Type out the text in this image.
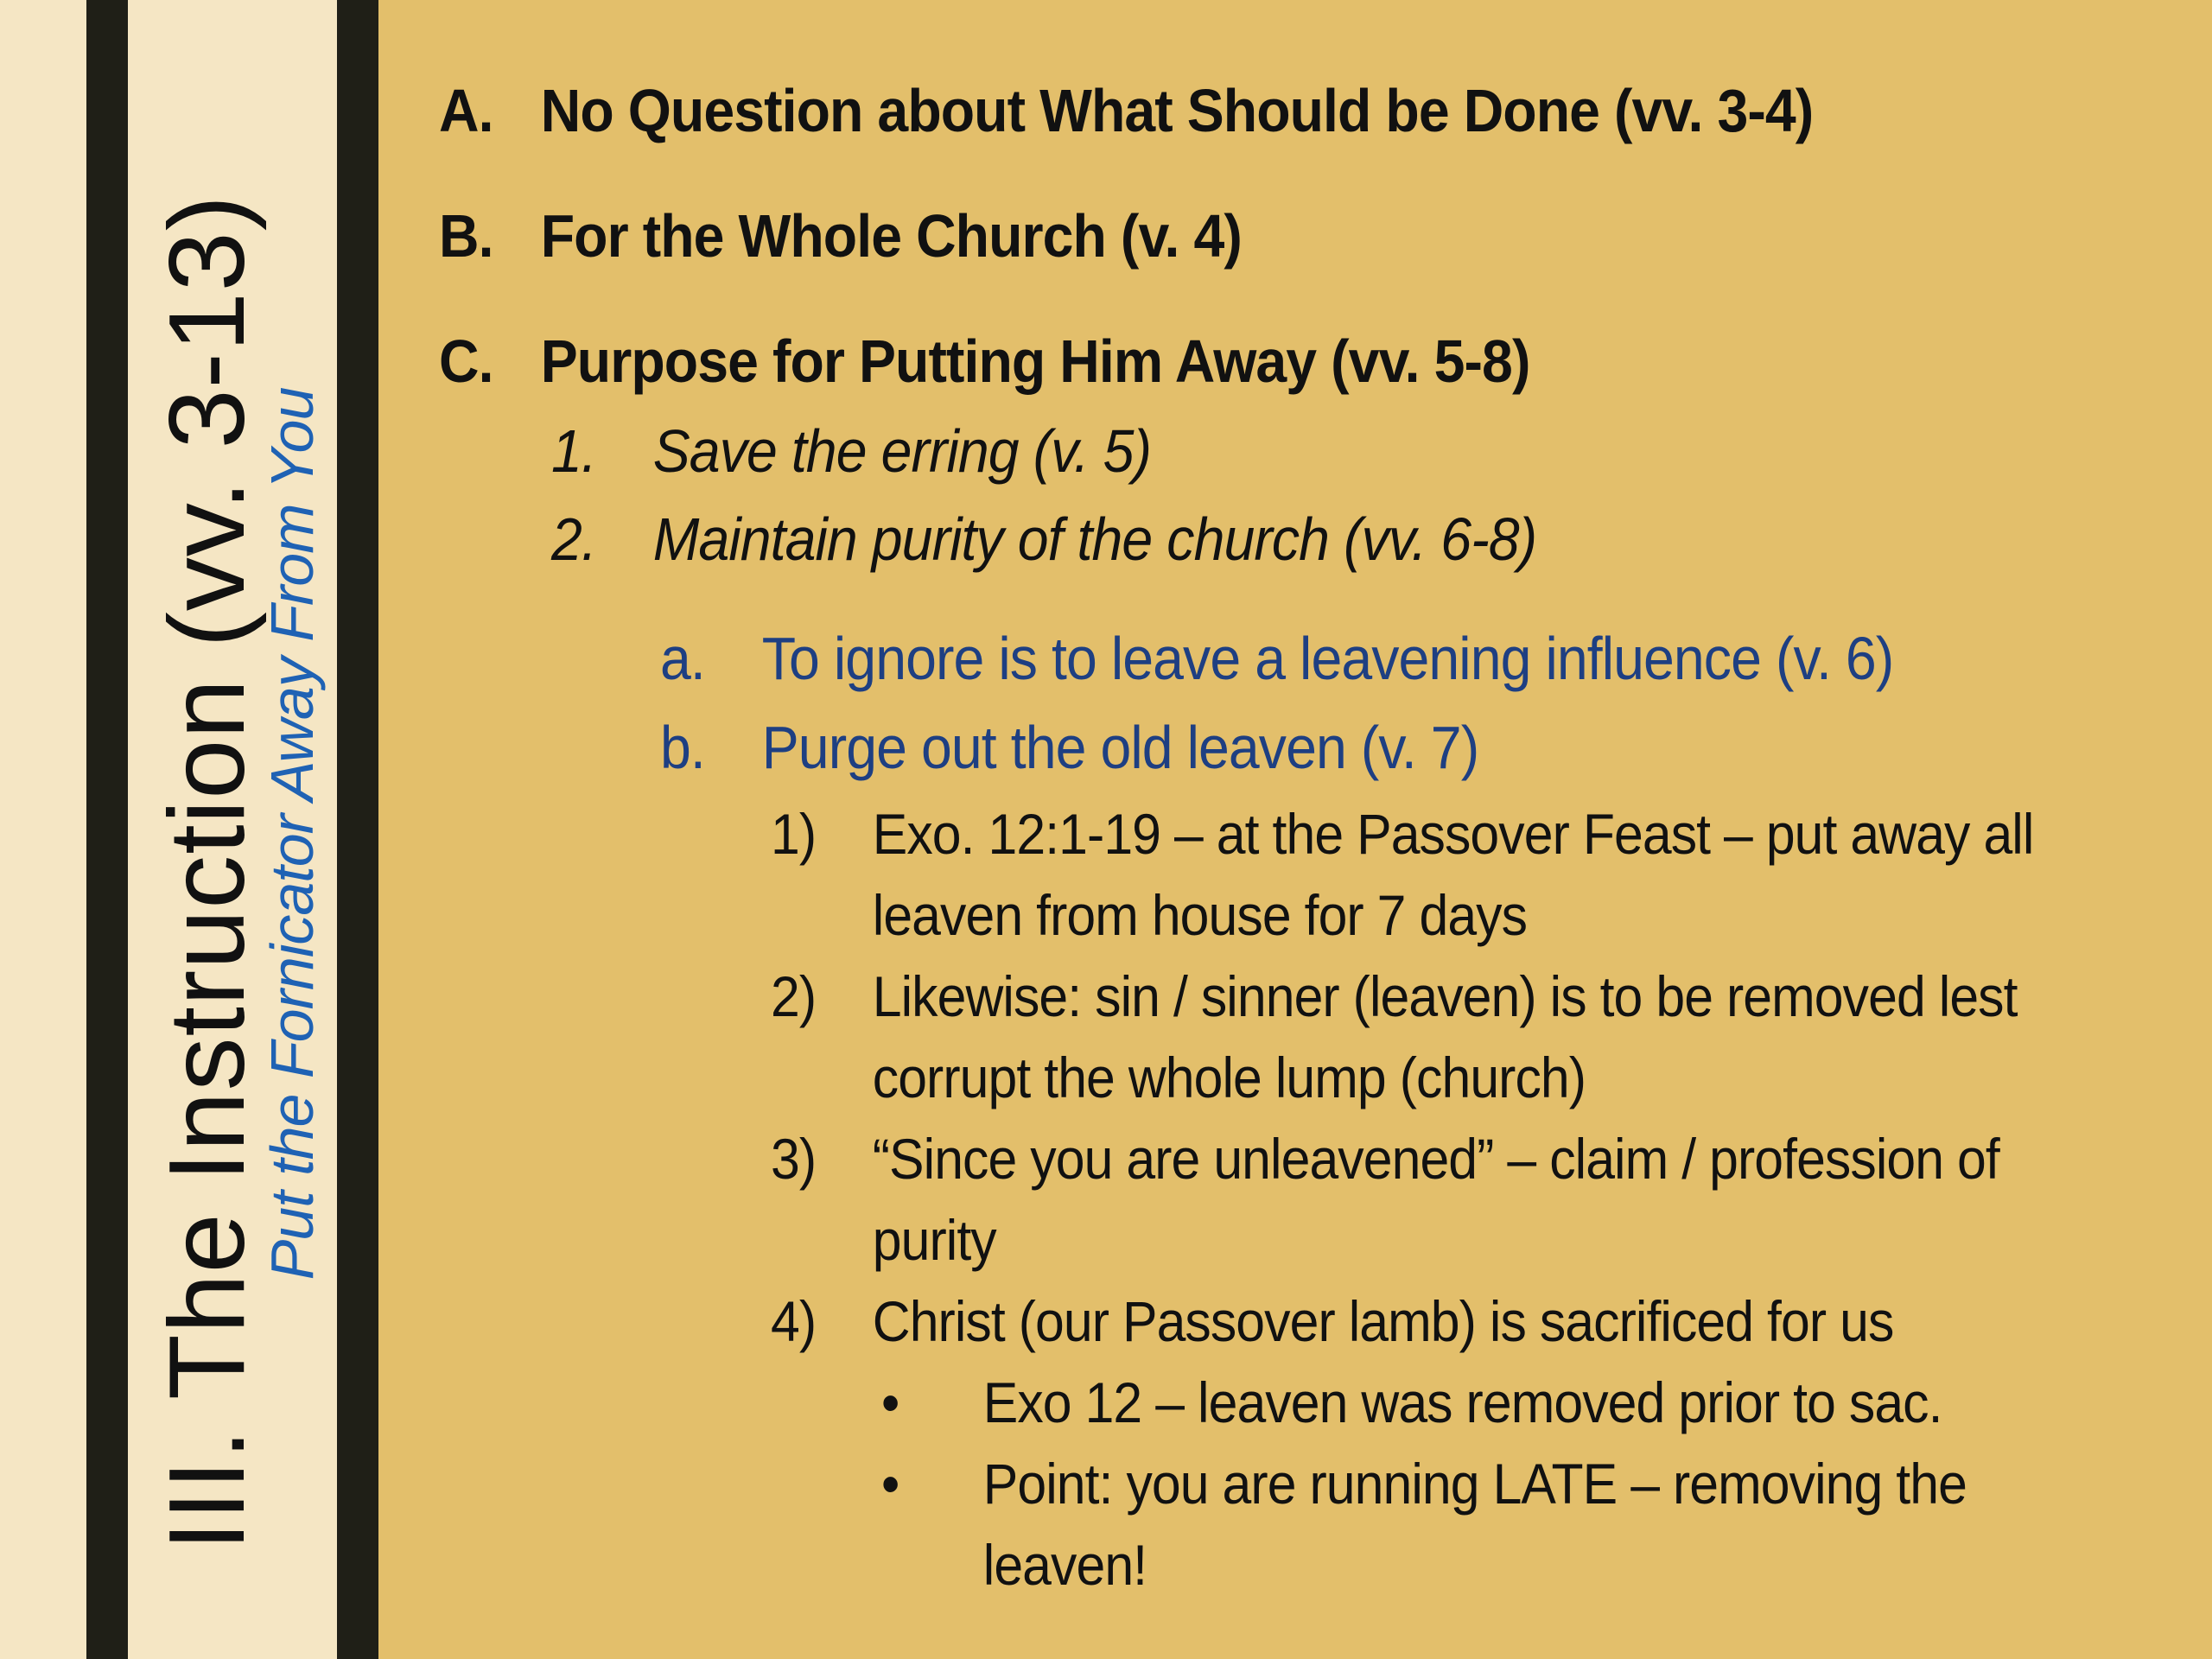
III. The Instruction (vv. 3-13)
Put the Fornicator Away From You
A. No Question about What Should be Done (vv. 3-4)
B. For the Whole Church (v. 4)
C. Purpose for Putting Him Away (vv. 5-8)
1. Save the erring (v. 5)
2. Maintain purity of the church (vv. 6-8)
a. To ignore is to leave a leavening influence (v. 6)
b. Purge out the old leaven (v. 7)
1) Exo. 12:1-19 – at the Passover Feast – put away all leaven from house for 7 days
2) Likewise: sin / sinner (leaven) is to be removed lest corrupt the whole lump (church)
3) “Since you are unleavened” – claim / profession of purity
4) Christ (our Passover lamb) is sacrificed for us
• Exo 12 – leaven was removed prior to sac.
• Point: you are running LATE – removing the leaven!
